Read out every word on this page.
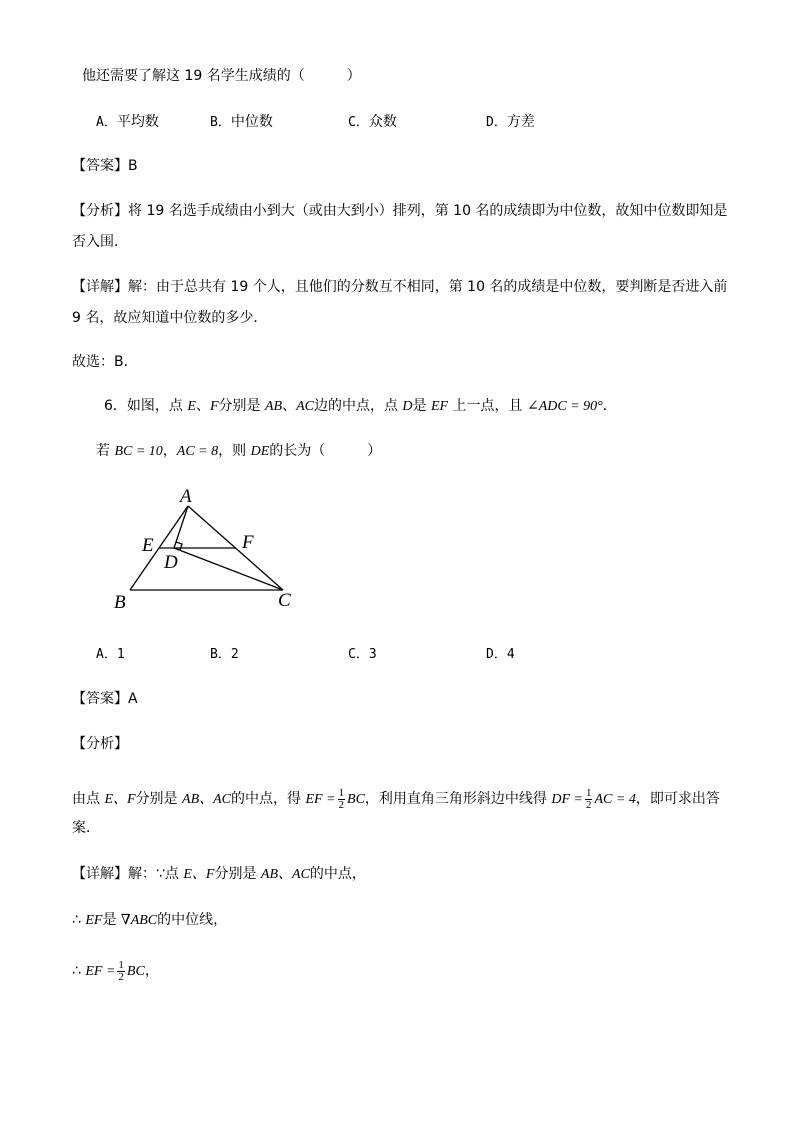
他还需要了解这 19 名学生成绩的（　　　）
A．平均数	B．中位数	C．众数	D．方差
【答案】B
【分析】将 19 名选手成绩由小到大（或由大到小）排列，第 10 名的成绩即为中位数，故知中位数即知是
否入围．
【详解】解：由于总共有 19 个人，且他们的分数互不相同，第 10 名的成绩是中位数，要判断是否进入前
9 名，故应知道中位数的多少．
故选：B．
6．如图，点 E、F分别是 AB、AC边的中点，点 D是 EF 上一点，且 ∠ADC = 90°．
若 BC = 10，AC = 8，则 DE的长为（　　　）
A
E	F
D
B	C
A．1	B．2	C．3	D．4
【答案】A
【分析】
由点 E、F分别是 AB、AC的中点，得 EF = $\frac{1}{2}$ BC，利用直角三角形斜边中线得 DF = $\frac{1}{2}$ AC = 4，即可求出答
案．
【详解】解：∵点 E、F分别是 AB、AC的中点，
∴ EF是 ∇ABC的中位线，
∴ EF = $\frac{1}{2}$ BC，
